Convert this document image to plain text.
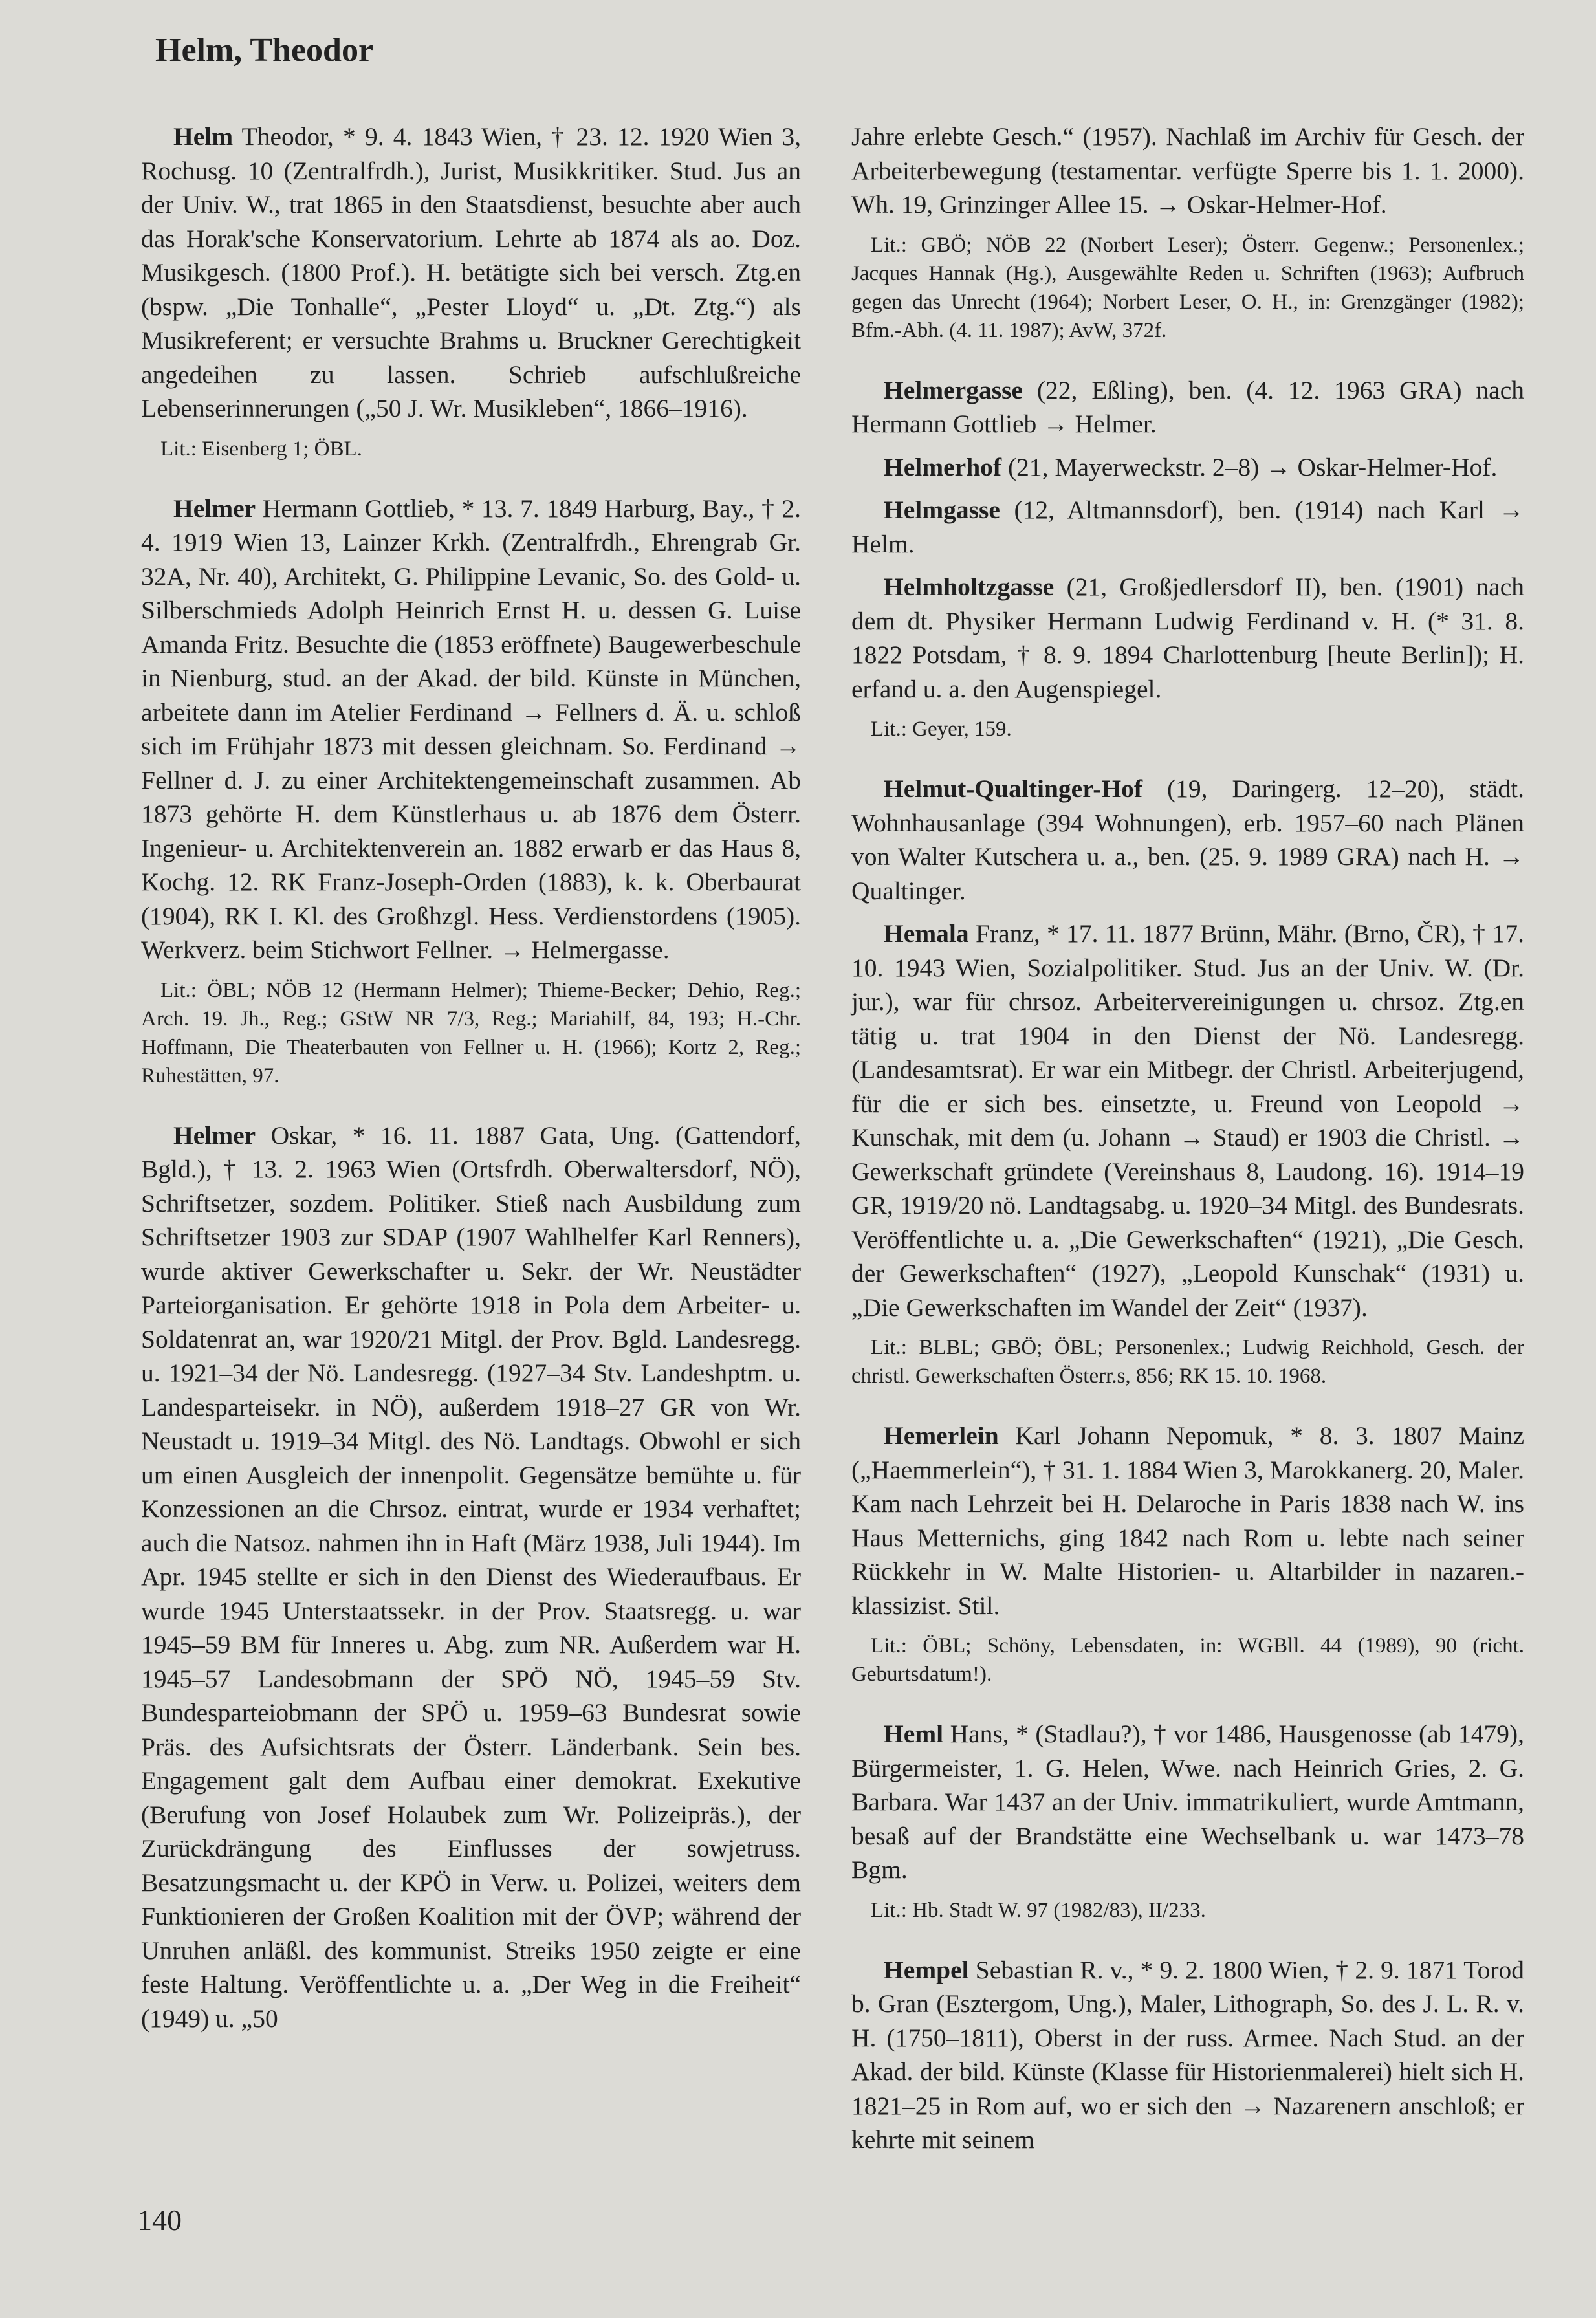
Helm, Theodor

Helm Theodor, * 9. 4. 1843 Wien, † 23. 12. 1920 Wien 3, Rochusg. 10 (Zentralfrdh.), Jurist, Musikkritiker. Stud. Jus an der Univ. W., trat 1865 in den Staatsdienst, besuchte aber auch das Horak'sche Konservatorium. Lehrte ab 1874 als ao. Doz. Musikgesch. (1800 Prof.). H. betätigte sich bei versch. Ztg.en (bspw. „Die Tonhalle“, „Pester Lloyd“ u. „Dt. Ztg.“) als Musikreferent; er versuchte Brahms u. Bruckner Gerechtigkeit angedeihen zu lassen. Schrieb aufschlußreiche Lebenserinnerungen („50 J. Wr. Musikleben“, 1866–1916).

Lit.: Eisenberg 1; ÖBL.

Helmer Hermann Gottlieb, * 13. 7. 1849 Harburg, Bay., † 2. 4. 1919 Wien 13, Lainzer Krkh. (Zentralfrdh., Ehrengrab Gr. 32A, Nr. 40), Architekt, G. Philippine Levanic, So. des Gold- u. Silberschmieds Adolph Heinrich Ernst H. u. dessen G. Luise Amanda Fritz. Besuchte die (1853 eröffnete) Baugewerbeschule in Nienburg, stud. an der Akad. der bild. Künste in München, arbeitete dann im Atelier Ferdinand → Fellners d. Ä. u. schloß sich im Frühjahr 1873 mit dessen gleichnam. So. Ferdinand → Fellner d. J. zu einer Architektengemeinschaft zusammen. Ab 1873 gehörte H. dem Künstlerhaus u. ab 1876 dem Österr. Ingenieur- u. Architektenverein an. 1882 erwarb er das Haus 8, Kochg. 12. RK Franz-Joseph-Orden (1883), k. k. Oberbaurat (1904), RK I. Kl. des Großhzgl. Hess. Verdienstordens (1905). Werkverz. beim Stichwort Fellner. → Helmergasse.

Lit.: ÖBL; NÖB 12 (Hermann Helmer); Thieme-Becker; Dehio, Reg.; Arch. 19. Jh., Reg.; GStW NR 7/3, Reg.; Mariahilf, 84, 193; H.-Chr. Hoffmann, Die Theaterbauten von Fellner u. H. (1966); Kortz 2, Reg.; Ruhestätten, 97.

Helmer Oskar, * 16. 11. 1887 Gata, Ung. (Gattendorf, Bgld.), † 13. 2. 1963 Wien (Ortsfrdh. Oberwaltersdorf, NÖ), Schriftsetzer, sozdem. Politiker. Stieß nach Ausbildung zum Schriftsetzer 1903 zur SDAP (1907 Wahlhelfer Karl Renners), wurde aktiver Gewerkschafter u. Sekr. der Wr. Neustädter Parteiorganisation. Er gehörte 1918 in Pola dem Arbeiter- u. Soldatenrat an, war 1920/21 Mitgl. der Prov. Bgld. Landesregg. u. 1921–34 der Nö. Landesregg. (1927–34 Stv. Landeshptm. u. Landesparteisekr. in NÖ), außerdem 1918–27 GR von Wr. Neustadt u. 1919–34 Mitgl. des Nö. Landtags. Obwohl er sich um einen Ausgleich der innenpolit. Gegensätze bemühte u. für Konzessionen an die Chrsoz. eintrat, wurde er 1934 verhaftet; auch die Natsoz. nahmen ihn in Haft (März 1938, Juli 1944). Im Apr. 1945 stellte er sich in den Dienst des Wiederaufbaus. Er wurde 1945 Unterstaatssekr. in der Prov. Staatsregg. u. war 1945–59 BM für Inneres u. Abg. zum NR. Außerdem war H. 1945–57 Landesobmann der SPÖ NÖ, 1945–59 Stv. Bundesparteiobmann der SPÖ u. 1959–63 Bundesrat sowie Präs. des Aufsichtsrats der Österr. Länderbank. Sein bes. Engagement galt dem Aufbau einer demokrat. Exekutive (Berufung von Josef Holaubek zum Wr. Polizeipräs.), der Zurückdrängung des Einflusses der sowjetruss. Besatzungsmacht u. der KPÖ in Verw. u. Polizei, weiters dem Funktionieren der Großen Koalition mit der ÖVP; während der Unruhen anläßl. des kommunist. Streiks 1950 zeigte er eine feste Haltung. Veröffentlichte u. a. „Der Weg in die Freiheit“ (1949) u. „50

Jahre erlebte Gesch.“ (1957). Nachlaß im Archiv für Gesch. der Arbeiterbewegung (testamentar. verfügte Sperre bis 1. 1. 2000). Wh. 19, Grinzinger Allee 15. → Oskar-Helmer-Hof.

Lit.: GBÖ; NÖB 22 (Norbert Leser); Österr. Gegenw.; Personenlex.; Jacques Hannak (Hg.), Ausgewählte Reden u. Schriften (1963); Aufbruch gegen das Unrecht (1964); Norbert Leser, O. H., in: Grenzgänger (1982); Bfm.-Abh. (4. 11. 1987); AvW, 372f.

Helmergasse (22, Eßling), ben. (4. 12. 1963 GRA) nach Hermann Gottlieb → Helmer.

Helmerhof (21, Mayerweckstr. 2–8) → Oskar-Helmer-Hof.

Helmgasse (12, Altmannsdorf), ben. (1914) nach Karl → Helm.

Helmholtzgasse (21, Großjedlersdorf II), ben. (1901) nach dem dt. Physiker Hermann Ludwig Ferdinand v. H. (* 31. 8. 1822 Potsdam, † 8. 9. 1894 Charlottenburg [heute Berlin]); H. erfand u. a. den Augenspiegel.

Lit.: Geyer, 159.

Helmut-Qualtinger-Hof (19, Daringerg. 12–20), städt. Wohnhausanlage (394 Wohnungen), erb. 1957–60 nach Plänen von Walter Kutschera u. a., ben. (25. 9. 1989 GRA) nach H. → Qualtinger.

Hemala Franz, * 17. 11. 1877 Brünn, Mähr. (Brno, ČR), † 17. 10. 1943 Wien, Sozialpolitiker. Stud. Jus an der Univ. W. (Dr. jur.), war für chrsoz. Arbeitervereinigungen u. chrsoz. Ztg.en tätig u. trat 1904 in den Dienst der Nö. Landesregg. (Landesamtsrat). Er war ein Mitbegr. der Christl. Arbeiterjugend, für die er sich bes. einsetzte, u. Freund von Leopold → Kunschak, mit dem (u. Johann → Staud) er 1903 die Christl. → Gewerkschaft gründete (Vereinshaus 8, Laudong. 16). 1914–19 GR, 1919/20 nö. Landtagsabg. u. 1920–34 Mitgl. des Bundesrats. Veröffentlichte u. a. „Die Gewerkschaften“ (1921), „Die Gesch. der Gewerkschaften“ (1927), „Leopold Kunschak“ (1931) u. „Die Gewerkschaften im Wandel der Zeit“ (1937).

Lit.: BLBL; GBÖ; ÖBL; Personenlex.; Ludwig Reichhold, Gesch. der christl. Gewerkschaften Österr.s, 856; RK 15. 10. 1968.

Hemerlein Karl Johann Nepomuk, * 8. 3. 1807 Mainz („Haemmerlein“), † 31. 1. 1884 Wien 3, Marokkanerg. 20, Maler. Kam nach Lehrzeit bei H. Delaroche in Paris 1838 nach W. ins Haus Metternichs, ging 1842 nach Rom u. lebte nach seiner Rückkehr in W. Malte Historien- u. Altarbilder in nazaren.-klassizist. Stil.

Lit.: ÖBL; Schöny, Lebensdaten, in: WGBll. 44 (1989), 90 (richt. Geburtsdatum!).

Heml Hans, * (Stadlau?), † vor 1486, Hausgenosse (ab 1479), Bürgermeister, 1. G. Helen, Wwe. nach Heinrich Gries, 2. G. Barbara. War 1437 an der Univ. immatrikuliert, wurde Amtmann, besaß auf der Brandstätte eine Wechselbank u. war 1473–78 Bgm.

Lit.: Hb. Stadt W. 97 (1982/83), II/233.

Hempel Sebastian R. v., * 9. 2. 1800 Wien, † 2. 9. 1871 Torod b. Gran (Esztergom, Ung.), Maler, Lithograph, So. des J. L. R. v. H. (1750–1811), Oberst in der russ. Armee. Nach Stud. an der Akad. der bild. Künste (Klasse für Historienmalerei) hielt sich H. 1821–25 in Rom auf, wo er sich den → Nazarenern anschloß; er kehrte mit seinem

140
